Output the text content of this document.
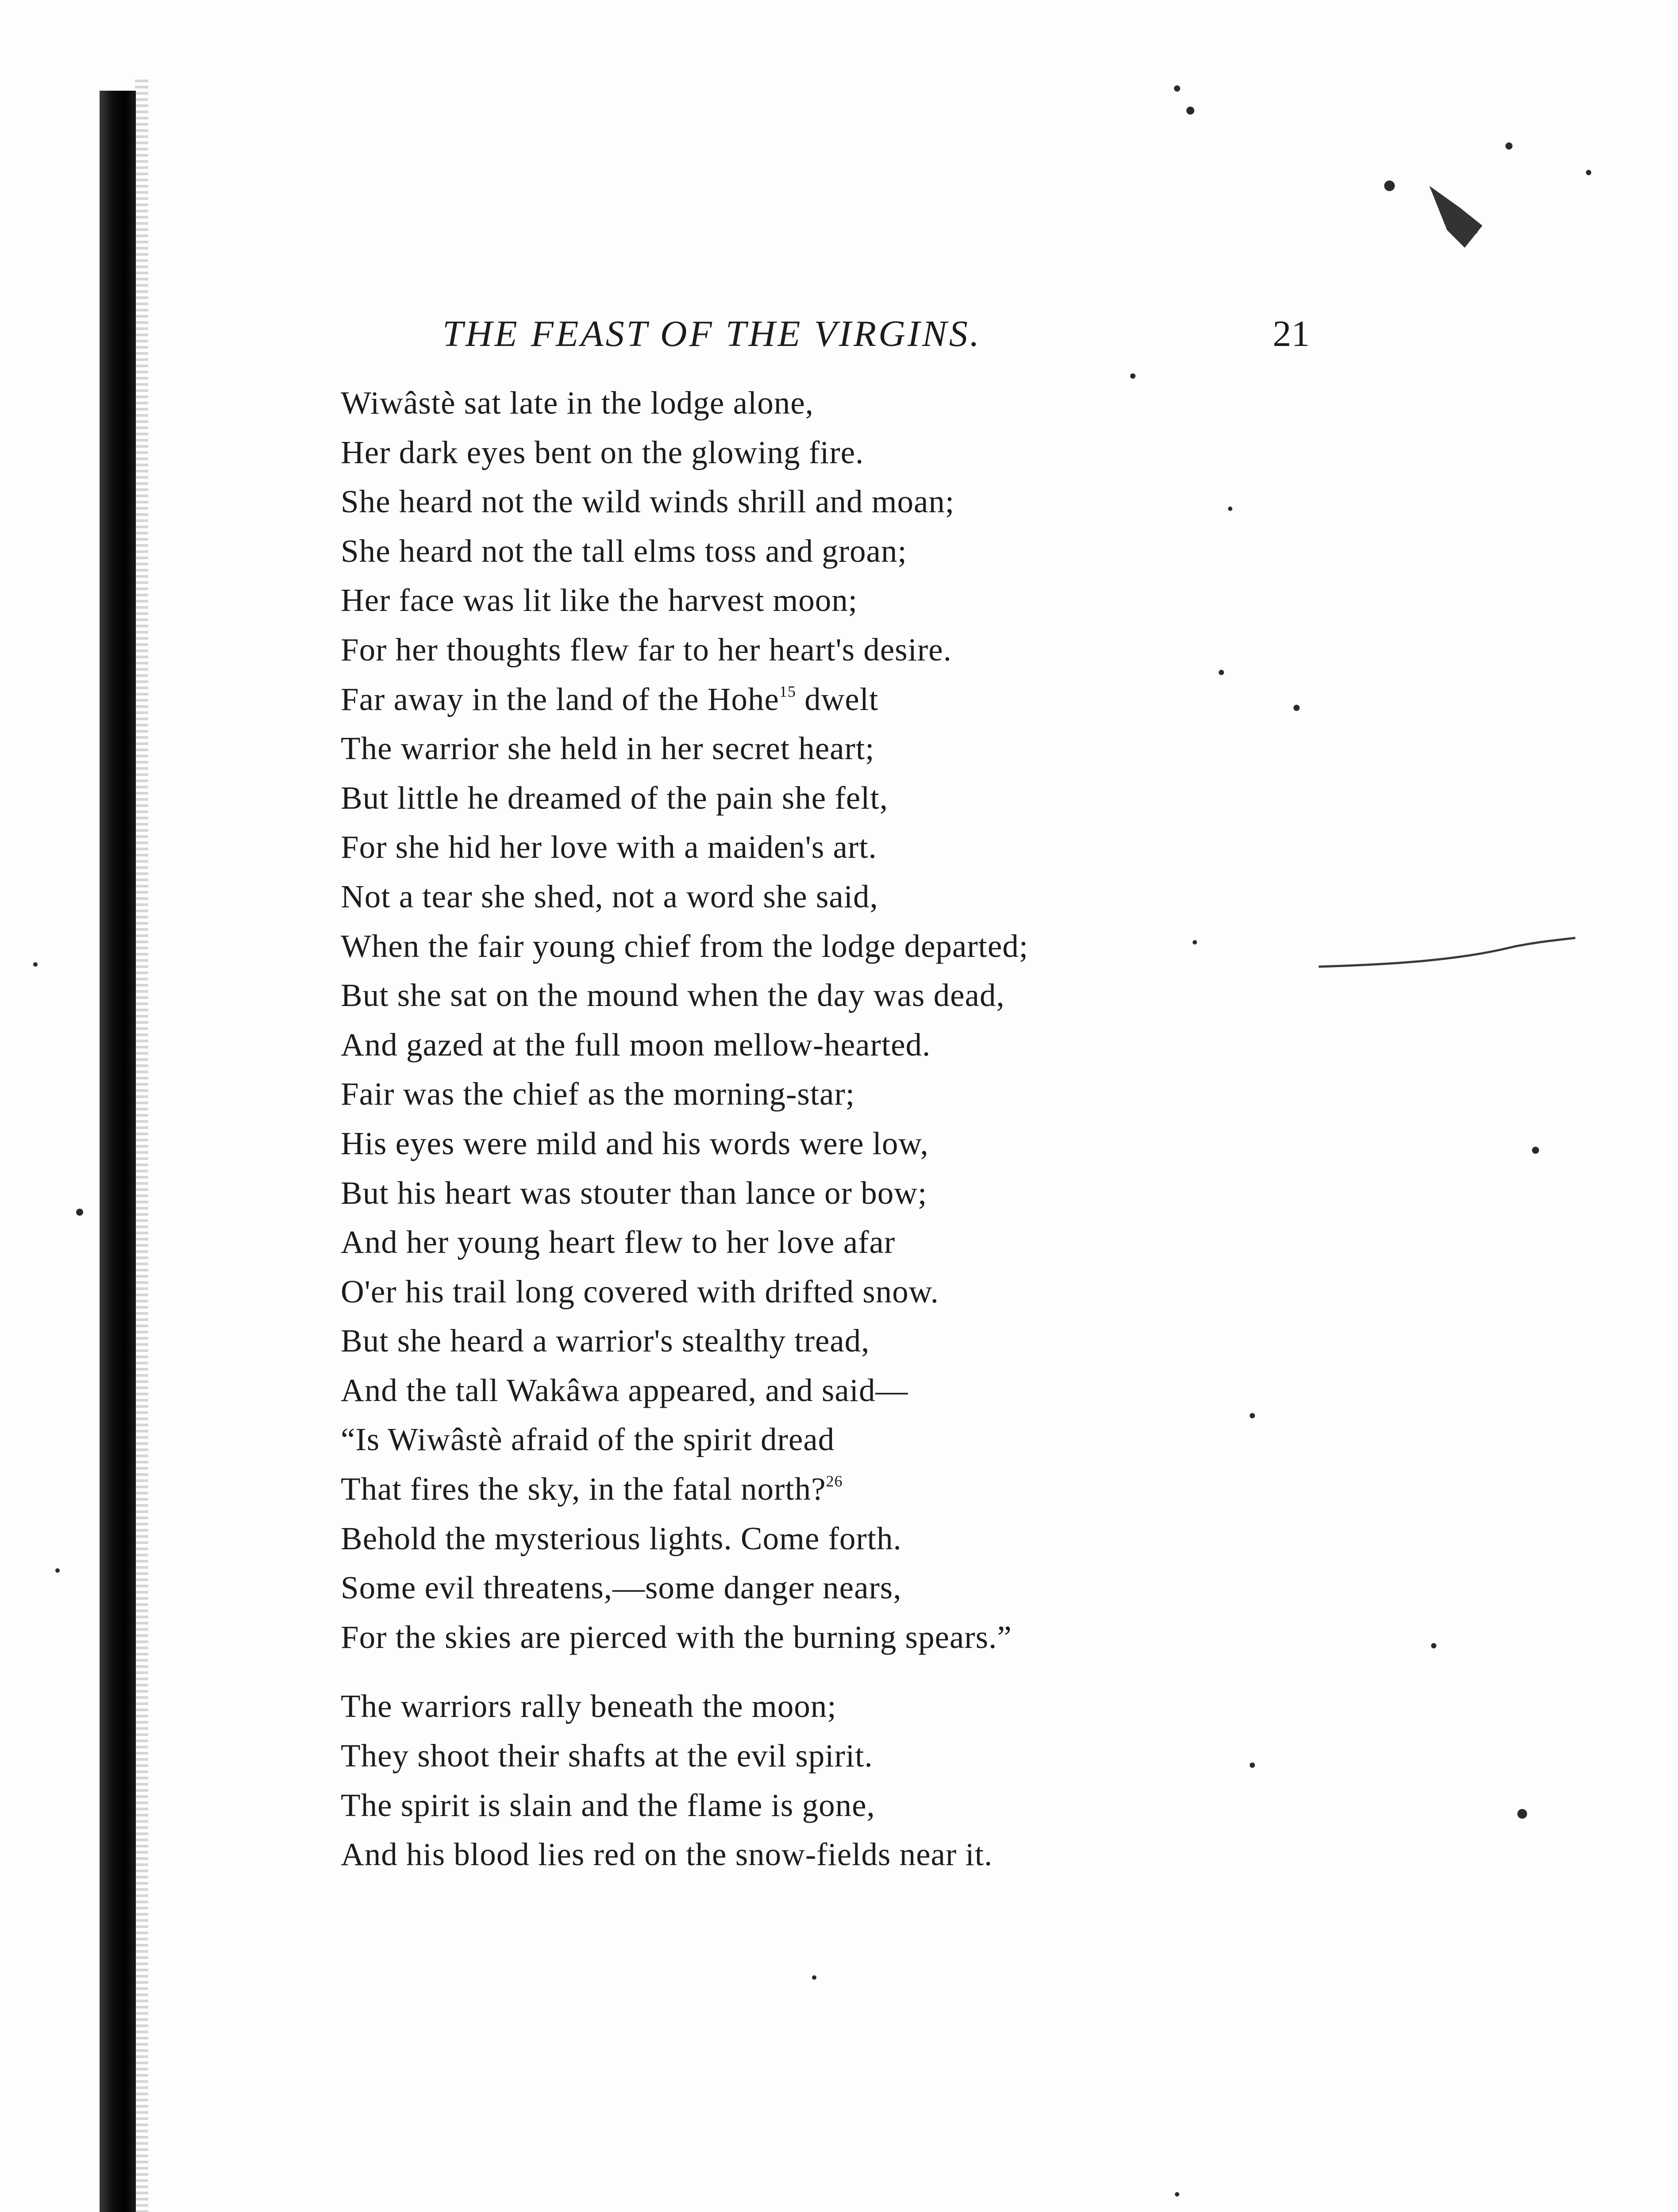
THE FEAST OF THE VIRGINS.	21
Wiwâstè sat late in the lodge alone,
Her dark eyes bent on the glowing fire.
She heard not the wild winds shrill and moan;
She heard not the tall elms toss and groan;
Her face was lit like the harvest moon;
For her thoughts flew far to her heart's desire.
Far away in the land of the Hohe$^{15}$ dwelt
The warrior she held in her secret heart;
But little he dreamed of the pain she felt,
For she hid her love with a maiden's art.
Not a tear she shed, not a word she said,
When the fair young chief from the lodge departed;
But she sat on the mound when the day was dead,
And gazed at the full moon mellow-hearted.
Fair was the chief as the morning-star;
His eyes were mild and his words were low,
But his heart was stouter than lance or bow;
And her young heart flew to her love afar
O'er his trail long covered with drifted snow.
But she heard a warrior's stealthy tread,
And the tall Wakâwa appeared, and said—
“Is Wiwâstè afraid of the spirit dread
That fires the sky, in the fatal north?$^{26}$
Behold the mysterious lights. Come forth.
Some evil threatens,—some danger nears,
For the skies are pierced with the burning spears.”
The warriors rally beneath the moon;
They shoot their shafts at the evil spirit.
The spirit is slain and the flame is gone,
And his blood lies red on the snow-fields near it.
